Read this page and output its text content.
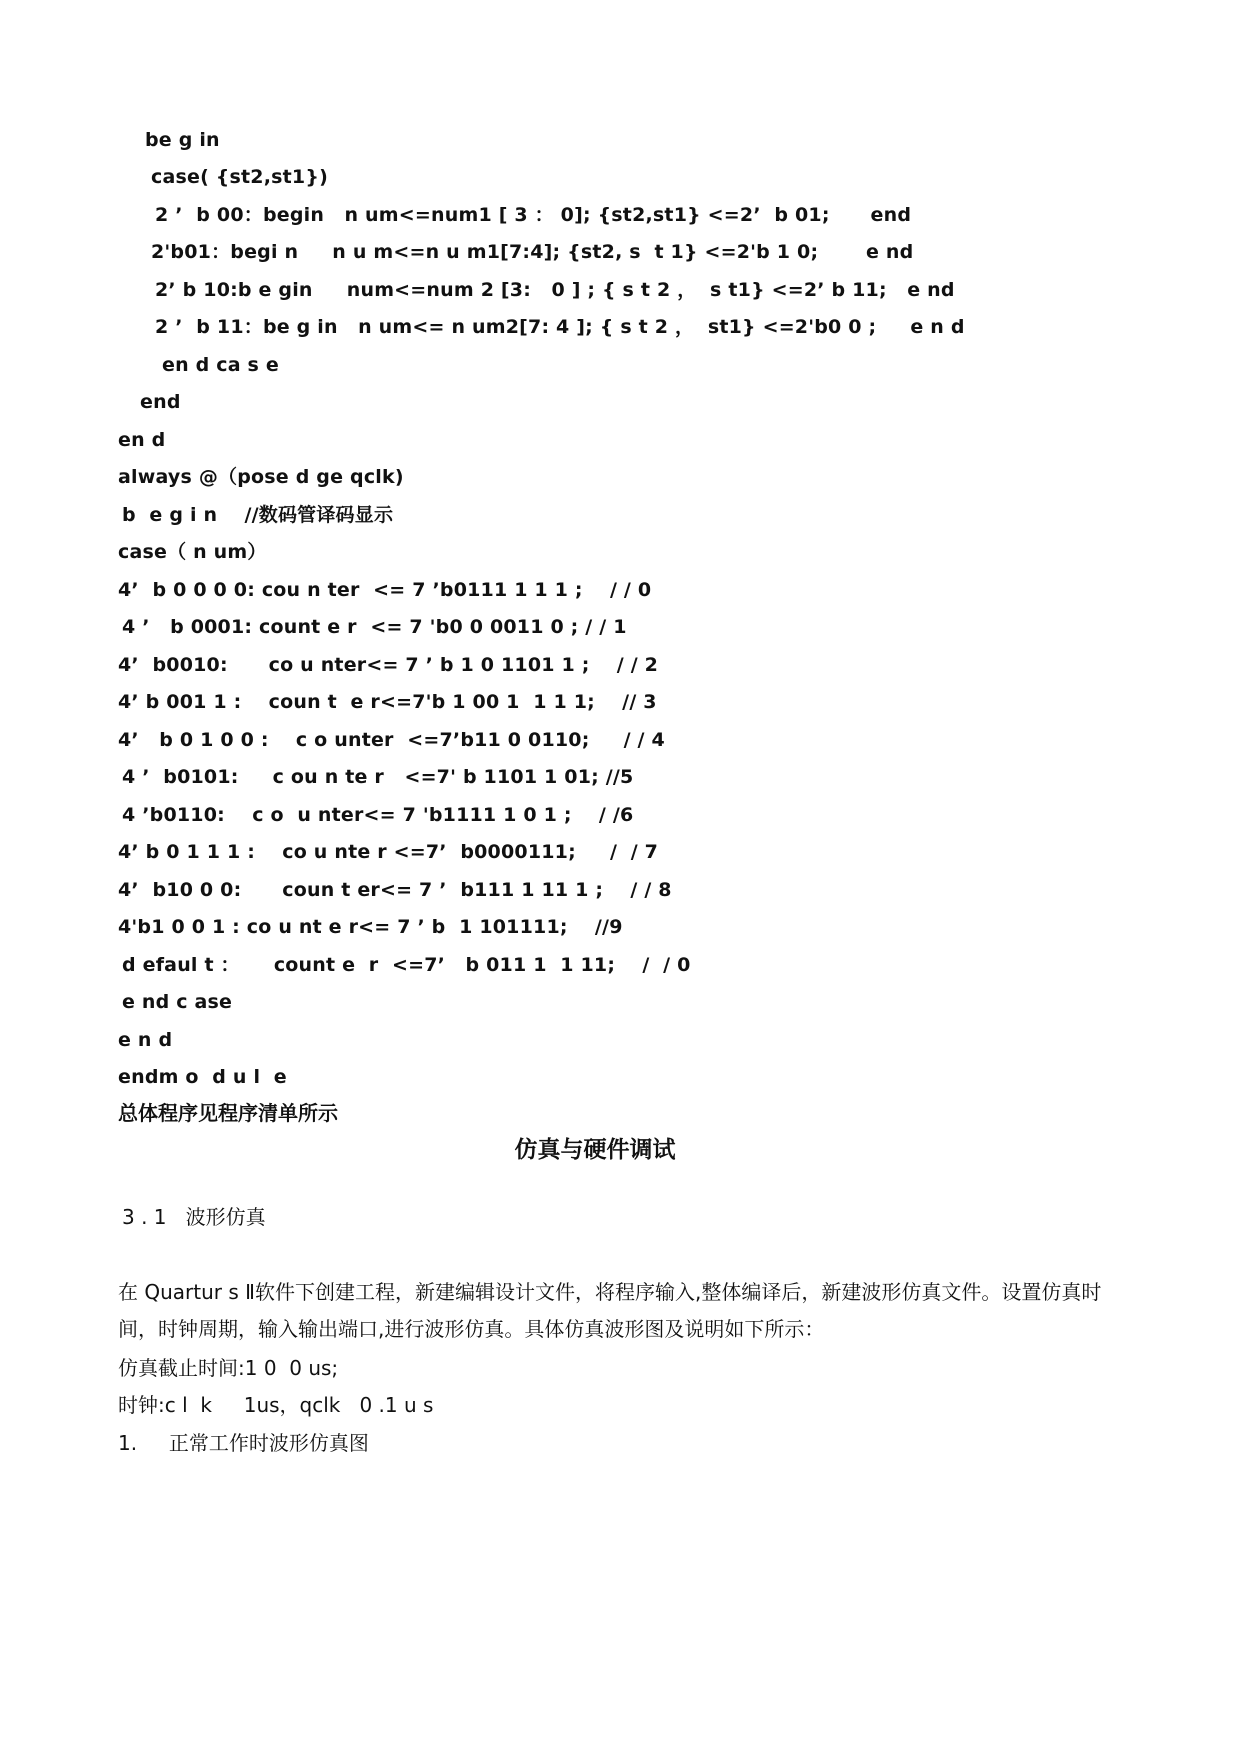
be g in
case( {st2,st1})
2 ’  b 00：begin   n um<=num1 [ 3 ： 0]; {st2,st1} <=2’  b 01;      end
2'b01：begi n     n u m<=n u m1[7:4]; {st2, s  t 1} <=2'b 1 0;       e nd
2’ b 10:b e gin     num<=num 2 [3:   0 ] ; { s t 2 ，  s t1} <=2’ b 11;   e nd
2 ’  b 11：be g in   n um<= n um2[7: 4 ]; { s t 2 ，  st1} <=2'b0 0 ;     e n d
en d ca s e
end
en d
always @（pose d ge qclk)
b  e g i n    //数码管译码显示
case（ n um）
4’  b 0 0 0 0: cou n ter  <= 7 ’b0111 1 1 1 ;    / / 0
4 ’   b 0001: count e r  <= 7 'b0 0 0011 0 ; / / 1
4’  b0010:      co u nter<= 7 ’ b 1 0 1101 1 ;    / / 2
4’ b 001 1 :    coun t  e r<=7'b 1 00 1  1 1 1;    // 3
4’   b 0 1 0 0 :    c o unter  <=7’b11 0 0110;     / / 4
4 ’  b0101:     c ou n te r   <=7' b 1101 1 01; //5
4 ’b0110:    c o  u nter<= 7 'b1111 1 0 1 ;    / /6
4’ b 0 1 1 1 :    co u nte r <=7’  b0000111;     /  / 7
4’  b10 0 0:      coun t er<= 7 ’  b111 1 11 1 ;    / / 8
4'b1 0 0 1 : co u nt e r<= 7 ’ b  1 101111;    //9
d efaul t ：     count e  r  <=7’   b 011 1  1 11;    /  / 0
e nd c ase
e n d
endm o  d u l  e
总体程序见程序清单所示
仿真与硬件调试
3 . 1   波形仿真
在 Quartur s Ⅱ软件下创建工程，新建编辑设计文件，将程序输入,整体编译后，新建波形仿真文件。设置仿真时间，时钟周期，输入输出端口,进行波形仿真。具体仿真波形图及说明如下所示：
仿真截止时间:1 0  0 us;
时钟:c l  k     1us，qclk   0 .1 u s
1.     正常工作时波形仿真图
